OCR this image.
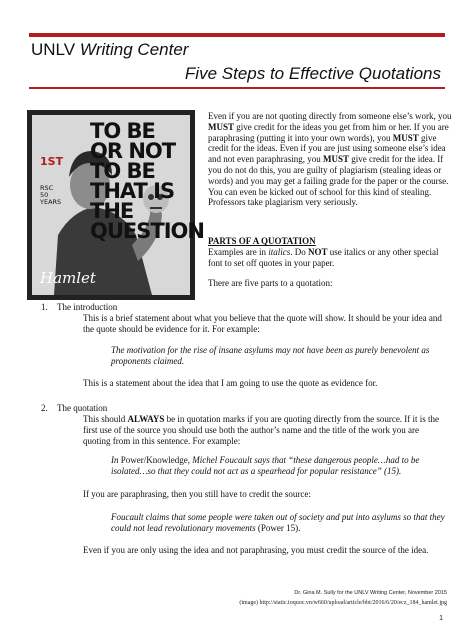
UNLV Writing Center
Five Steps to Effective Quotations
TO BE OR NOT
TO BE
THAT IS THE
QUESTION
1ST
RSC
50
YEARS
Hamlet

Even if you are not quoting directly from someone else’s work, you MUST give credit for the ideas you get from him or her. If you are paraphrasing (putting it into your own words), you MUST give credit for the ideas. Even if you are just using someone else’s idea and not even paraphrasing, you MUST give credit for the idea. If you do not do this, you are guilty of plagiarism (stealing ideas or words) and you may get a failing grade for the paper or the course. You can even be kicked out of school for this kind of stealing. Professors take plagiarism very seriously.

PARTS OF A QUOTATION

Examples are in italics. Do NOT use italics or any other special font to set off quotes in your paper.

There are five parts to a quotation:

1. The introduction
This is a brief statement about what you believe that the quote will show. It should be your idea and the quote should be evidence for it. For example:
The motivation for the rise of insane asylums may not have been as purely benevolent as proponents claimed.
This is a statement about the idea that I am going to use the quote as evidence for.
2. The quotation
This should ALWAYS be in quotation marks if you are quoting directly from the source. If it is the first use of the source you should use both the author’s name and the title of the work you are quoting from in this sentence. For example:
In Power/Knowledge, Michel Foucault says that “these dangerous people…had to be isolated…so that they could not act as a spearhead for popular resistance” (15).
If you are paraphrasing, then you still have to credit the source:
Foucault claims that some people were taken out of society and put into asylums so that they could not lead revolutionary movements (Power 15).
Even if you are only using the idea and not paraphrasing, you must credit the source of the idea.
Dr. Gina M. Sully for the UNLV Writing Center, November 2015
(image) http://static.toquoc.vn/w660/upload/article/bbt/2016/6/20/ecz_184_hamlet.jpg
1
